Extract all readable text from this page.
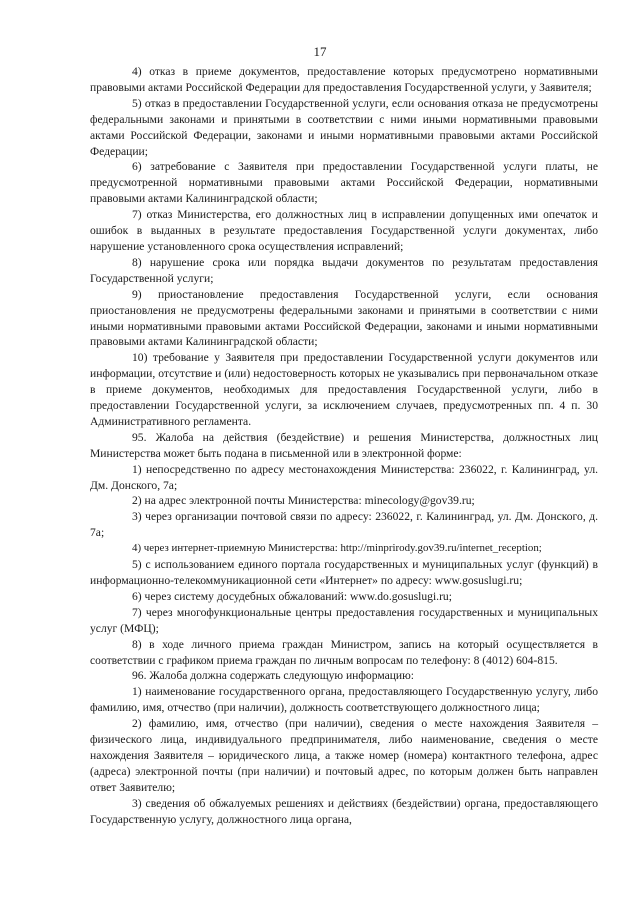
17

4) отказ в приеме документов, предоставление которых предусмотрено нормативными правовыми актами Российской Федерации для предоставления Государственной услуги, у Заявителя;

5) отказ в предоставлении Государственной услуги, если основания отказа не предусмотрены федеральными законами и принятыми в соответствии с ними иными нормативными правовыми актами Российской Федерации, законами и иными нормативными правовыми актами Российской Федерации;

6) затребование с Заявителя при предоставлении Государственной услуги платы, не предусмотренной нормативными правовыми актами Российской Федерации, нормативными правовыми актами Калининградской области;

7) отказ Министерства, его должностных лиц в исправлении допущенных ими опечаток и ошибок в выданных в результате предоставления Государственной услуги документах, либо нарушение установленного срока осуществления исправлений;

8) нарушение срока или порядка выдачи документов по результатам предоставления Государственной услуги;

9) приостановление предоставления Государственной услуги, если основания приостановления не предусмотрены федеральными законами и принятыми в соответствии с ними иными нормативными правовыми актами Российской Федерации, законами и иными нормативными правовыми актами Калининградской области;

10) требование у Заявителя при предоставлении Государственной услуги документов или информации, отсутствие и (или) недостоверность которых не указывались при первоначальном отказе в приеме документов, необходимых для предоставления Государственной услуги, либо в предоставлении Государственной услуги, за исключением случаев, предусмотренных пп. 4 п. 30 Административного регламента.

95. Жалоба на действия (бездействие) и решения Министерства, должностных лиц Министерства может быть подана в письменной или в электронной форме:

1) непосредственно по адресу местонахождения Министерства: 236022, г. Калининград, ул. Дм. Донского, 7а;

2) на адрес электронной почты Министерства: minecology@gov39.ru;

3) через организации почтовой связи по адресу: 236022, г. Калининград, ул. Дм. Донского, д. 7а;

4) через интернет-приемную Министерства: http://minprirody.gov39.ru/internet_reception;

5) с использованием единого портала государственных и муниципальных услуг (функций) в информационно-телекоммуникационной сети «Интернет» по адресу: www.gosuslugi.ru;

6) через систему досудебных обжалований: www.do.gosuslugi.ru;

7) через многофункциональные центры предоставления государственных и муниципальных услуг (МФЦ);

8) в ходе личного приема граждан Министром, запись на который осуществляется в соответствии с графиком приема граждан по личным вопросам по телефону: 8 (4012) 604-815.

96. Жалоба должна содержать следующую информацию:

1) наименование государственного органа, предоставляющего Государственную услугу, либо фамилию, имя, отчество (при наличии), должность соответствующего должностного лица;

2) фамилию, имя, отчество (при наличии), сведения о месте нахождения Заявителя – физического лица, индивидуального предпринимателя, либо наименование, сведения о месте нахождения Заявителя – юридического лица, а также номер (номера) контактного телефона, адрес (адреса) электронной почты (при наличии) и почтовый адрес, по которым должен быть направлен ответ Заявителю;

3) сведения об обжалуемых решениях и действиях (бездействии) органа, предоставляющего Государственную услугу, должностного лица органа,
